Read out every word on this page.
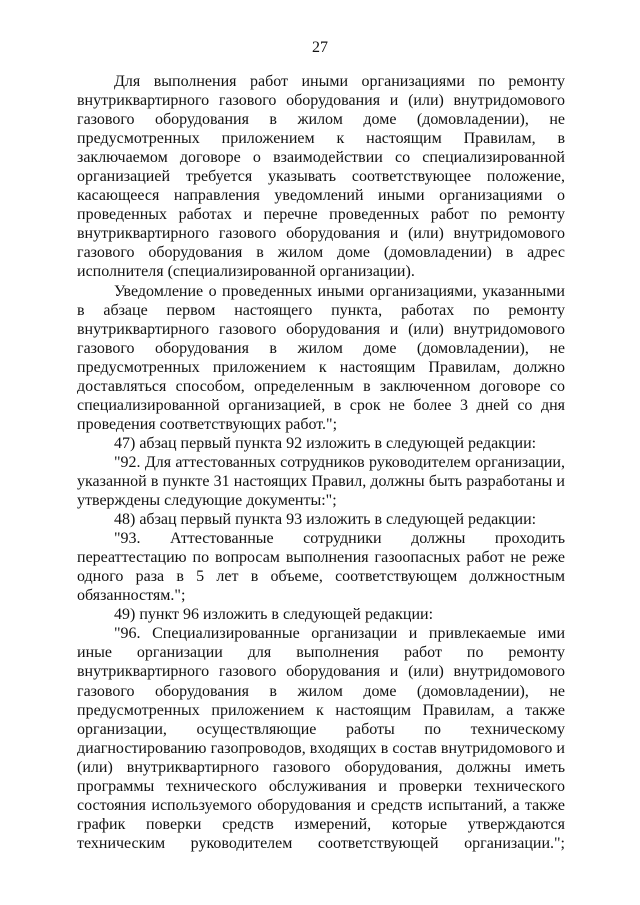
27

Для выполнения работ иными организациями по ремонту внутриквартирного газового оборудования и (или) внутридомового газового оборудования в жилом доме (домовладении), не предусмотренных приложением к настоящим Правилам, в заключаемом договоре о взаимодействии со специализированной организацией требуется указывать соответствующее положение, касающееся направления уведомлений иными организациями о проведенных работах и перечне проведенных работ по ремонту внутриквартирного газового оборудования и (или) внутридомового газового оборудования в жилом доме (домовладении) в адрес исполнителя (специализированной организации).

Уведомление о проведенных иными организациями, указанными в абзаце первом настоящего пункта, работах по ремонту внутриквартирного газового оборудования и (или) внутридомового газового оборудования в жилом доме (домовладении), не предусмотренных приложением к настоящим Правилам, должно доставляться способом, определенным в заключенном договоре со специализированной организацией, в срок не более 3 дней со дня проведения соответствующих работ.";

47) абзац первый пункта 92 изложить в следующей редакции:

"92. Для аттестованных сотрудников руководителем организации, указанной в пункте 31 настоящих Правил, должны быть разработаны и утверждены следующие документы:";

48) абзац первый пункта 93 изложить в следующей редакции:

"93. Аттестованные сотрудники должны проходить переаттестацию по вопросам выполнения газоопасных работ не реже одного раза в 5 лет в объеме, соответствующем должностным обязанностям.";

49) пункт 96 изложить в следующей редакции:

"96. Специализированные организации и привлекаемые ими иные организации для выполнения работ по ремонту внутриквартирного газового оборудования и (или) внутридомового газового оборудования в жилом доме (домовладении), не предусмотренных приложением к настоящим Правилам, а также организации, осуществляющие работы по техническому диагностированию газопроводов, входящих в состав внутридомового и (или) внутриквартирного газового оборудования, должны иметь программы технического обслуживания и проверки технического состояния используемого оборудования и средств испытаний, а также график поверки средств измерений, которые утверждаются техническим руководителем соответствующей организации.";
